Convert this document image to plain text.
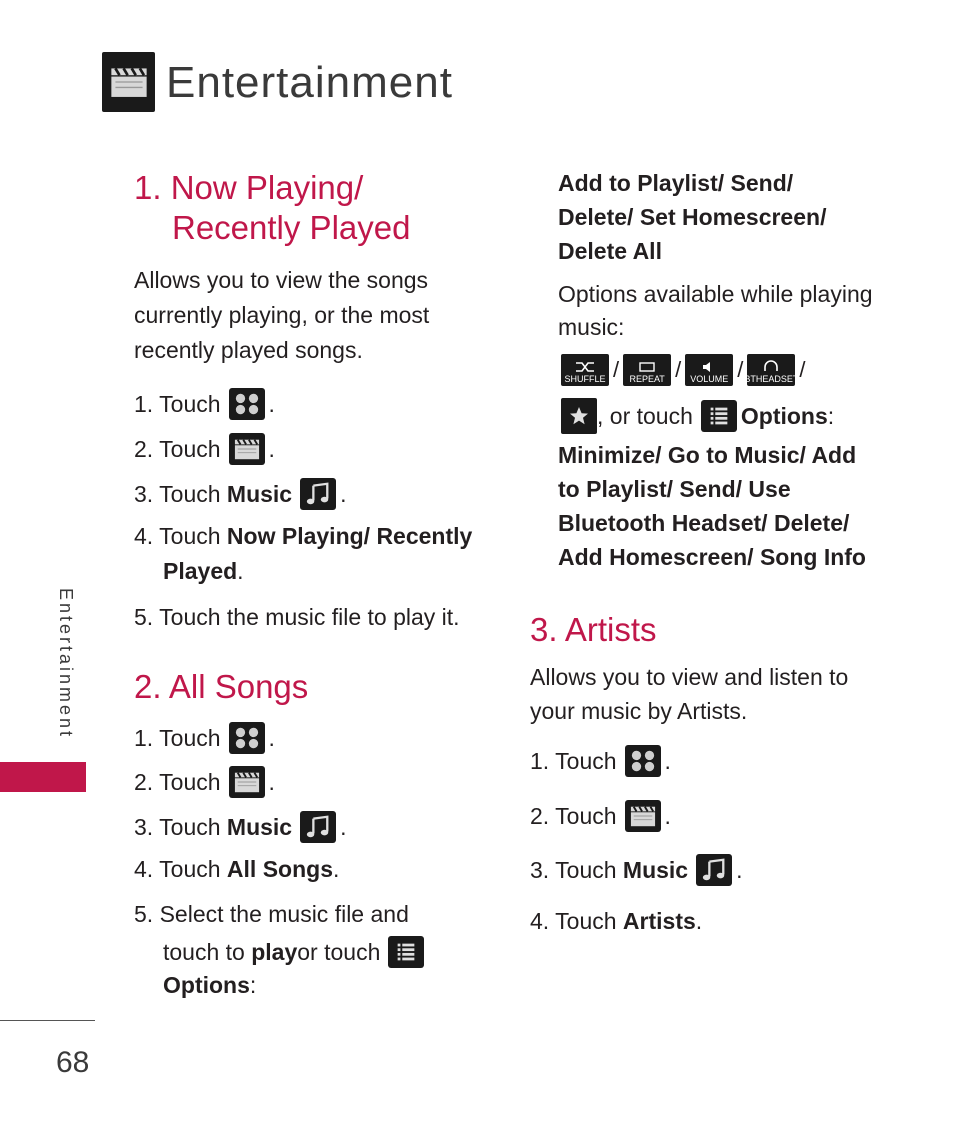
Entertainment
Entertainment
68
1. Now Playing/
Recently Played
Allows you to view the songs
currently playing, or the most
recently played songs.
1. Touch .
2. Touch .
3. Touch
Music .
4. Touch
Now Playing/ Recently
Played .
5. Touch the music file to play it.
2. All Songs
1. Touch .
2. Touch .
3. Touch
Music .
4. Touch
All Songs .
5. Select the music file and
touch to
play or touch
Options :
Add to Playlist/ Send/
Delete/ Set Homescreen/
Delete All
Options available while playing
music:
SHUFFLE / REPEAT / VOLUME / BTHEADSET /
, or touch Options :
Minimize/ Go to Music/ Add
to Playlist/ Send/ Use
Bluetooth Headset/ Delete/
Add Homescreen/ Song Info
3. Artists
Allows you to view and listen to
your music by Artists.
1. Touch .
2. Touch .
3. Touch
Music .
4. Touch
Artists .
